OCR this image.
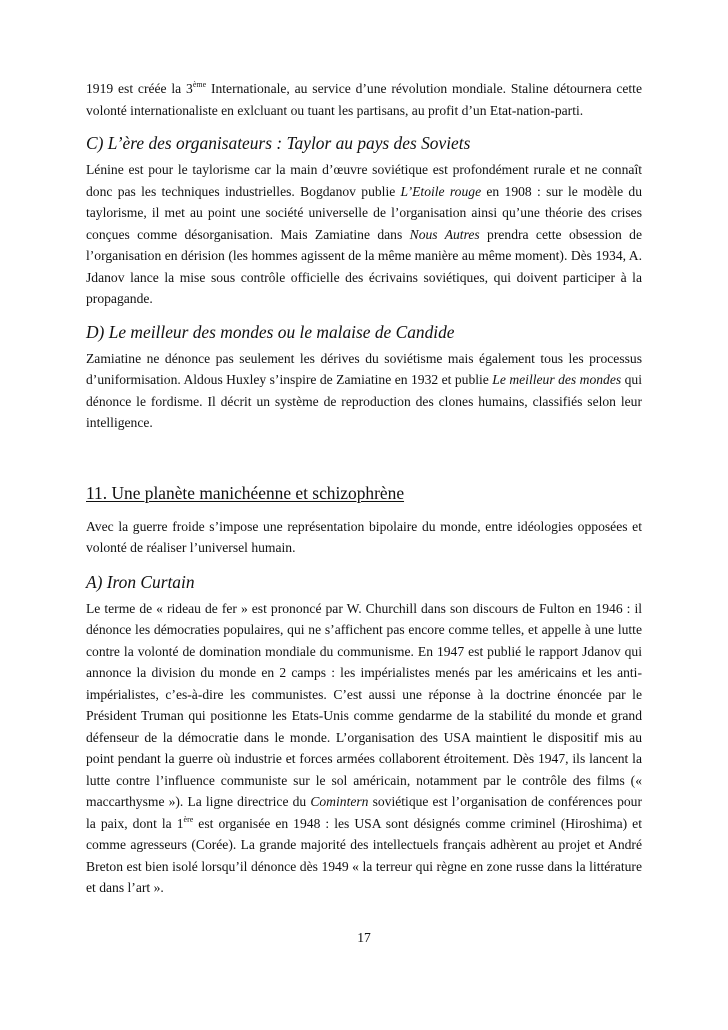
1919 est créée la 3ème Internationale, au service d’une révolution mondiale. Staline détournera cette volonté internationaliste en exlcluant ou tuant les partisans, au profit d’un Etat-nation-parti.

C) L’ère des organisateurs : Taylor au pays des Soviets

Lénine est pour le taylorisme car la main d’œuvre soviétique est profondément rurale et ne connaît donc pas les techniques industrielles. Bogdanov publie L’Etoile rouge en 1908 : sur le modèle du taylorisme, il met au point une société universelle de l’organisation ainsi qu’une théorie des crises conçues comme désorganisation. Mais Zamiatine dans Nous Autres prendra cette obsession de l’organisation en dérision (les hommes agissent de la même manière au même moment). Dès 1934, A. Jdanov lance la mise sous contrôle officielle des écrivains soviétiques, qui doivent participer à la propagande.

D) Le meilleur des mondes ou le malaise de Candide

Zamiatine ne dénonce pas seulement les dérives du soviétisme mais également tous les processus d’uniformisation. Aldous Huxley s’inspire de Zamiatine en 1932 et publie Le meilleur des mondes qui dénonce le fordisme. Il décrit un système de reproduction des clones humains, classifiés selon leur intelligence.

11. Une planète manichéenne et schizophrène

Avec la guerre froide s’impose une représentation bipolaire du monde, entre idéologies opposées et volonté de réaliser l’universel humain.

A) Iron Curtain

Le terme de « rideau de fer » est prononcé par W. Churchill dans son discours de Fulton en 1946 : il dénonce les démocraties populaires, qui ne s’affichent pas encore comme telles, et appelle à une lutte contre la volonté de domination mondiale du communisme. En 1947 est publié le rapport Jdanov qui annonce la division du monde en 2 camps : les impérialistes menés par les américains et les anti-impérialistes, c’es-à-dire les communistes. C’est aussi une réponse à la doctrine énoncée par le Président Truman qui positionne les Etats-Unis comme gendarme de la stabilité du monde et grand défenseur de la démocratie dans le monde. L’organisation des USA maintient le dispositif mis au point pendant la guerre où industrie et forces armées collaborent étroitement. Dès 1947, ils lancent la lutte contre l’influence communiste sur le sol américain, notamment par le contrôle des films (« maccarthysme »). La ligne directrice du Comintern soviétique est l’organisation de conférences pour la paix, dont la 1ère est organisée en 1948 : les USA sont désignés comme criminel (Hiroshima) et comme agresseurs (Corée). La grande majorité des intellectuels français adhèrent au projet et André Breton est bien isolé lorsqu’il dénonce dès 1949 « la terreur qui règne en zone russe dans la littérature et dans l’art ».

17
